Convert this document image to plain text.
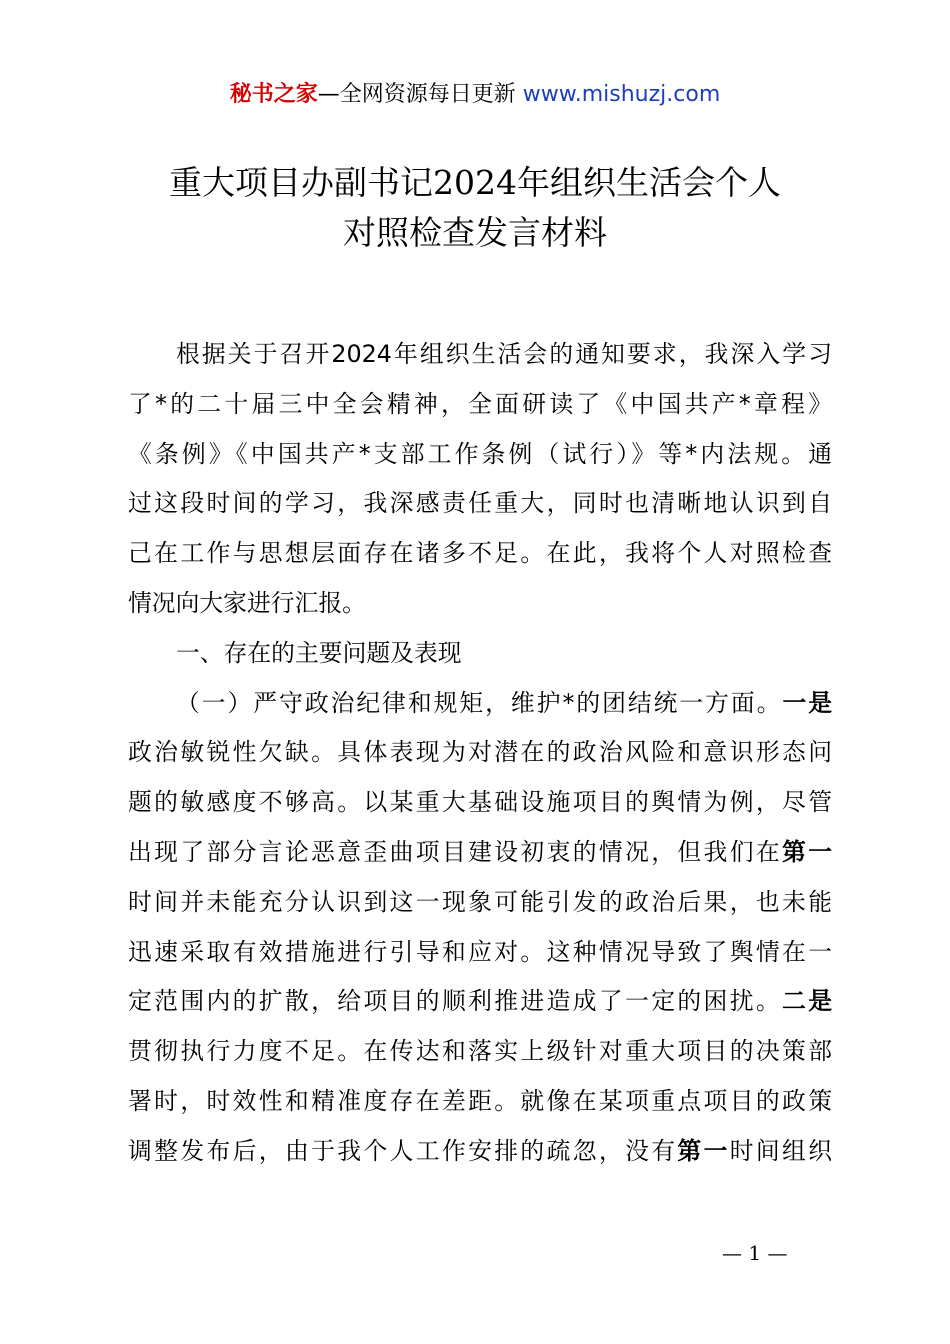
秘书之家—全网资源每日更新 www.mishuzj.com
重大项目办副书记2024年组织生活会个人
对照检查发言材料
根据关于召开2024年组织生活会的通知要求，我深入学习
了*的二十届三中全会精神，全面研读了《中国共产*章程》
《条例》《中国共产*支部工作条例（试行）》等*内法规。通
过这段时间的学习，我深感责任重大，同时也清晰地认识到自
己在工作与思想层面存在诸多不足。在此，我将个人对照检查
情况向大家进行汇报。
一、存在的主要问题及表现
（一）严守政治纪律和规矩，维护*的团结统一方面。一是
政治敏锐性欠缺。具体表现为对潜在的政治风险和意识形态问
题的敏感度不够高。以某重大基础设施项目的舆情为例，尽管
出现了部分言论恶意歪曲项目建设初衷的情况，但我们在第一
时间并未能充分认识到这一现象可能引发的政治后果，也未能
迅速采取有效措施进行引导和应对。这种情况导致了舆情在一
定范围内的扩散，给项目的顺利推进造成了一定的困扰。二是
贯彻执行力度不足。在传达和落实上级针对重大项目的决策部
署时，时效性和精准度存在差距。就像在某项重点项目的政策
调整发布后，由于我个人工作安排的疏忽，没有第一时间组织
— 1 —
